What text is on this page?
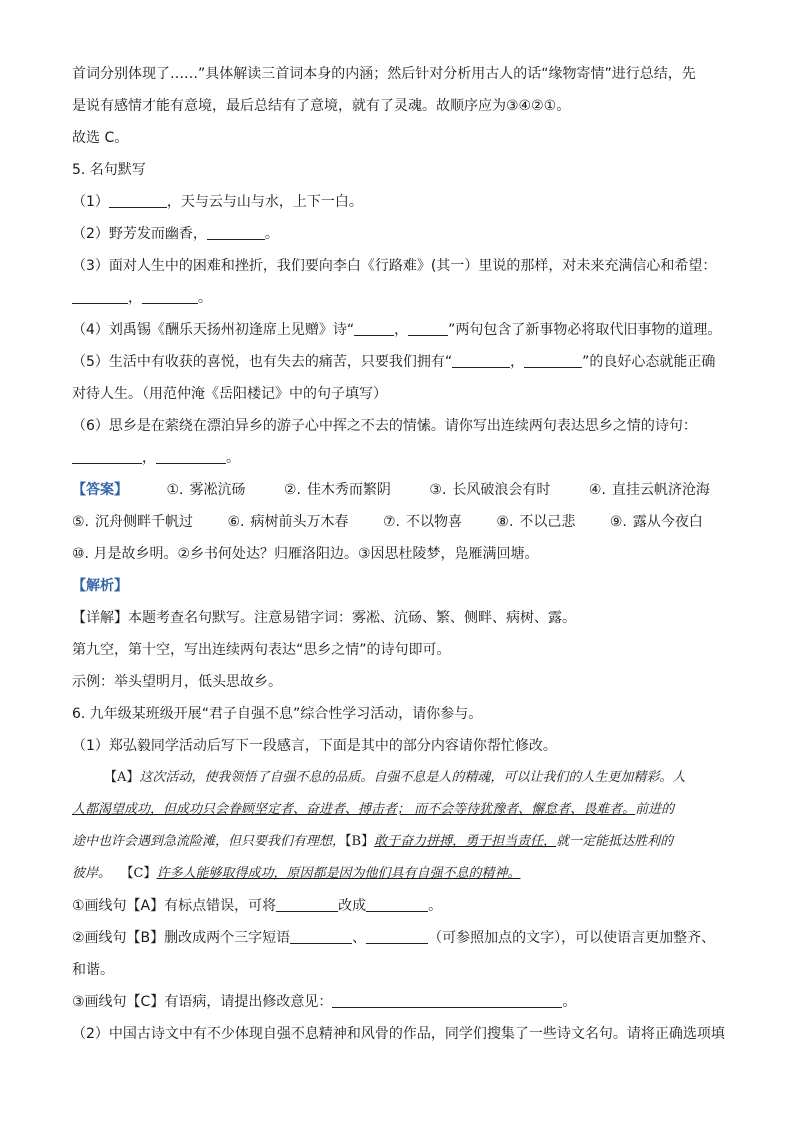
首词分别体现了……”具体解读三首词本身的内涵；然后针对分析用古人的话“缘物寄情”进行总结，先
是说有感情才能有意境，最后总结有了意境，就有了灵魂。故顺序应为③④②①。
故选 C。
5. 名句默写
（1）	，天与云与山与水，上下一白。
（2）野芳发而幽香，	。
（3）面对人生中的困难和挫折，我们要向李白《行路难》(其一）里说的那样，对未来充满信心和希望：
，	。
（4）刘禹锡《酬乐天扬州初逢席上见赠》诗“	，	”两句包含了新事物必将取代旧事物的道理。
（5）生活中有收获的喜悦，也有失去的痛苦，只要我们拥有“	，	”的良好心态就能正确
对待人生。（用范仲淹《岳阳楼记》中的句子填写）
（6）思乡是在萦绕在漂泊异乡的游子心中挥之不去的情愫。请你写出连续两句表达思乡之情的诗句：
，	。
【答案】	①. 雾凇沆砀	②. 佳木秀而繁阴	③. 长风破浪会有时	④. 直挂云帆济沧海
⑤. 沉舟侧畔千帆过 ⑥. 病树前头万木春 ⑦. 不以物喜 ⑧. 不以己悲 ⑨. 露从今夜白
⑩. 月是故乡明。②乡书何处达？归雁洛阳边。③因思杜陵梦，凫雁满回塘。
【解析】
【详解】本题考查名句默写。注意易错字词：雾凇、沆砀、繁、侧畔、病树、露。
第九空，第十空，写出连续两句表达“思乡之情”的诗句即可。
示例：举头望明月，低头思故乡。
6. 九年级某班级开展“君子自强不息”综合性学习活动，请你参与。
（1）郑弘毅同学活动后写下一段感言，下面是其中的部分内容请你帮忙修改。
【A】这次活动，使我领悟了自强不息的品质。自强不息是人的精魂，可以让我们的人生更加精彩。人
人都渴望成功，但成功只会眷顾坚定者、奋进者、搏击者； 而不会等待犹豫者、懈怠者、畏难者。前进的
途中也许会遇到急流险滩，但只要我们有理想，【B】敢于奋力拼搏，勇于担当责任，就一定能抵达胜利的
彼岸。 【C】许多人能够取得成功，原因都是因为他们具有自强不息的精神。
①画线句【A】有标点错误，可将	改成	。
②画线句【B】删改成两个三字短语	、	（可参照加点的文字），可以使语言更加整齐、
和谐。
③画线句【C】有语病，请提出修改意见：	。
（2）中国古诗文中有不少体现自强不息精神和风骨的作品，同学们搜集了一些诗文名句。请将正确选项填
